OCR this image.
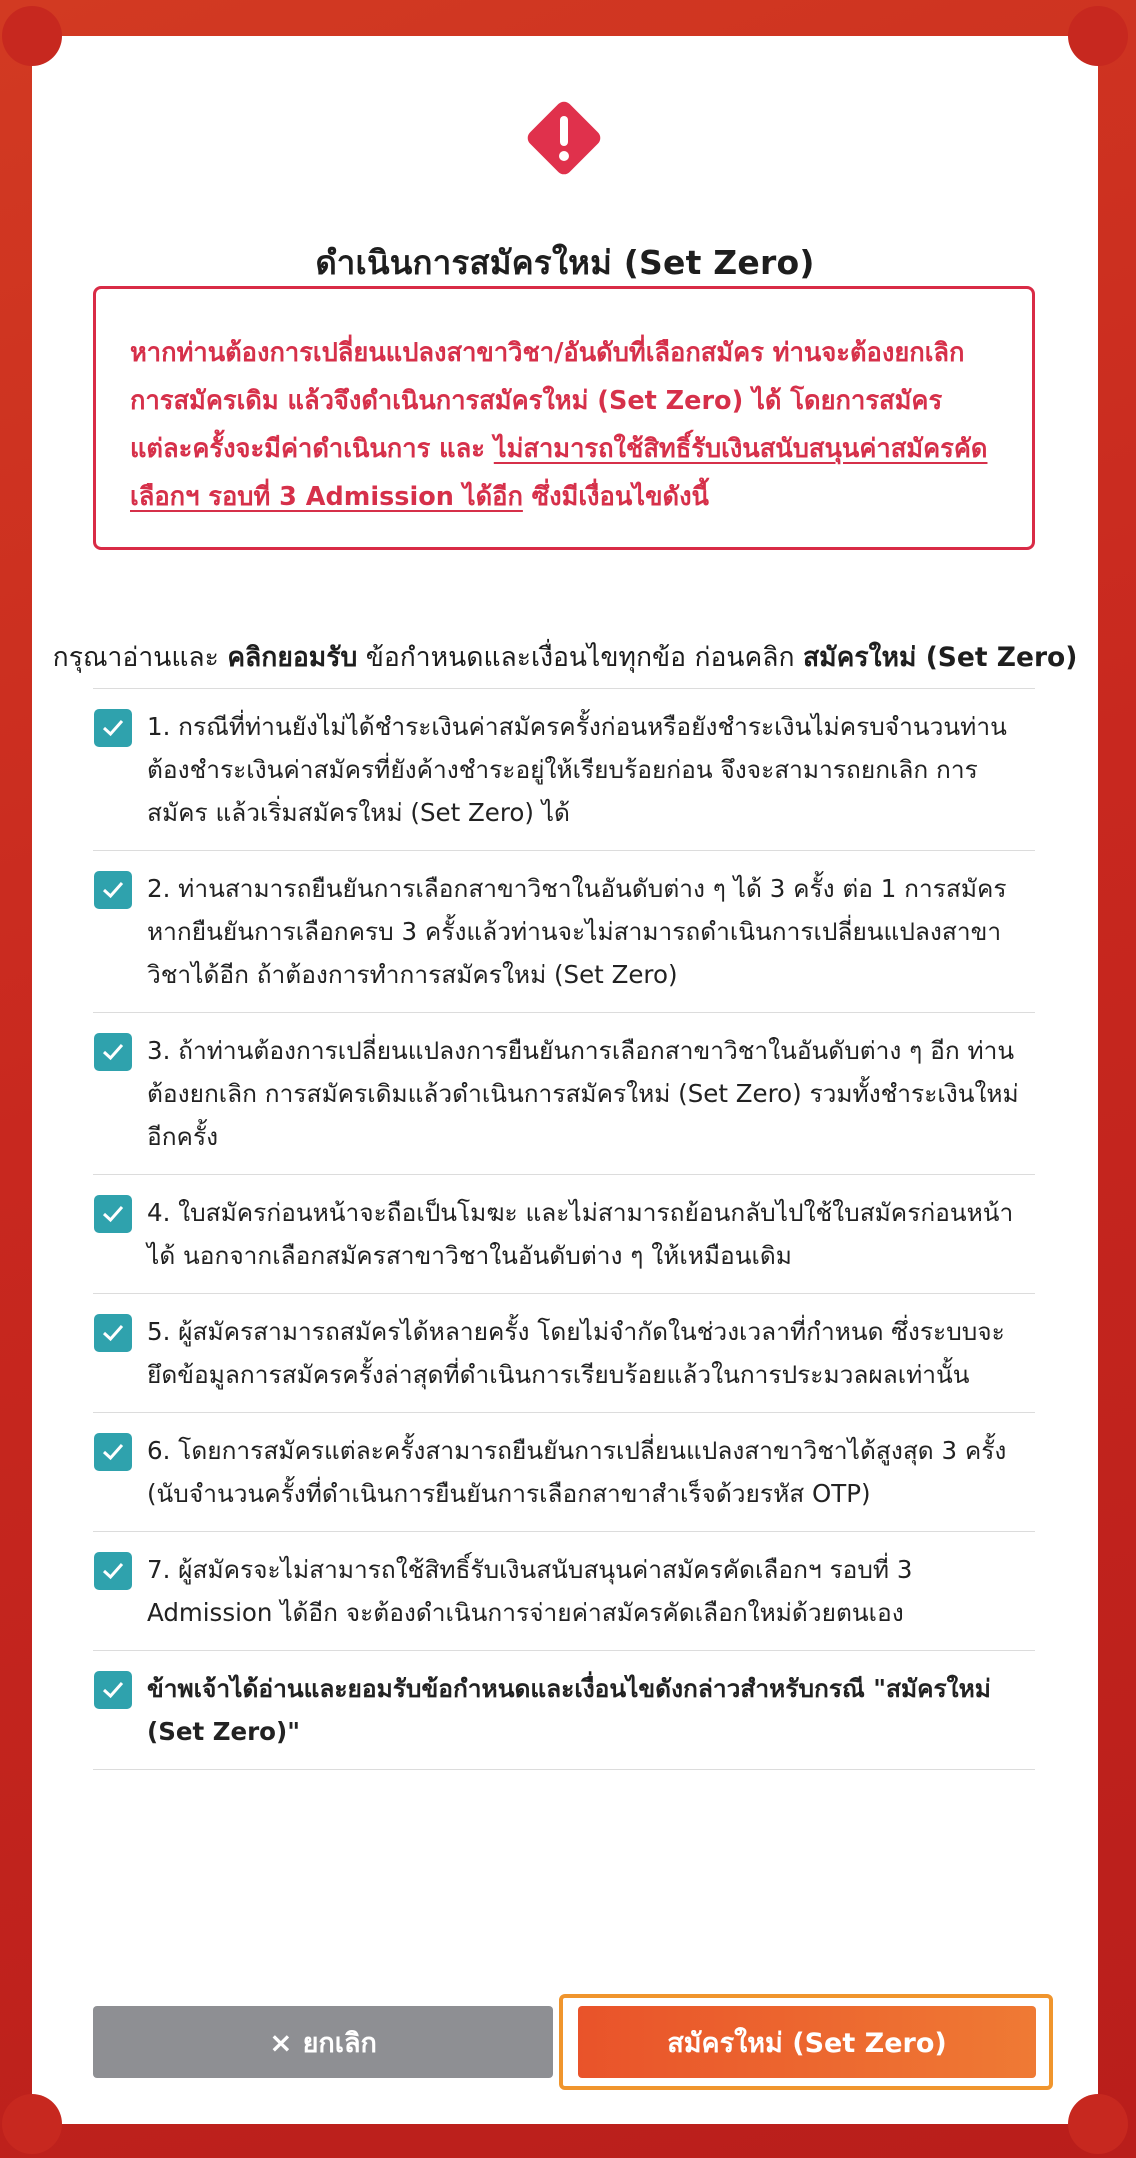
ดำเนินการสมัครใหม่ (Set Zero)
หากท่านต้องการเปลี่ยนแปลงสาขาวิชา/อันดับที่เลือกสมัคร ท่านจะต้องยกเลิกการสมัครเดิม แล้วจึงดำเนินการสมัครใหม่ (Set Zero) ได้ โดยการสมัครแต่ละครั้งจะมีค่าดำเนินการ และ ไม่สามารถใช้สิทธิ์รับเงินสนับสนุนค่าสมัครคัดเลือกฯ รอบที่ 3 Admission ได้อีก ซึ่งมีเงื่อนไขดังนี้
กรุณาอ่านและ คลิกยอมรับ ข้อกำหนดและเงื่อนไขทุกข้อ ก่อนคลิก สมัครใหม่ (Set Zero)
1. กรณีที่ท่านยังไม่ได้ชำระเงินค่าสมัครครั้งก่อนหรือยังชำระเงินไม่ครบจำนวนท่านต้องชำระเงินค่าสมัครที่ยังค้างชำระอยู่ให้เรียบร้อยก่อน จึงจะสามารถยกเลิก การสมัคร แล้วเริ่มสมัครใหม่ (Set Zero) ได้
2. ท่านสามารถยืนยันการเลือกสาขาวิชาในอันดับต่าง ๆ ได้ 3 ครั้ง ต่อ 1 การสมัคร หากยืนยันการเลือกครบ 3 ครั้งแล้วท่านจะไม่สามารถดำเนินการเปลี่ยนแปลงสาขาวิชาได้อีก ถ้าต้องการทำการสมัครใหม่ (Set Zero)
3. ถ้าท่านต้องการเปลี่ยนแปลงการยืนยันการเลือกสาขาวิชาในอันดับต่าง ๆ อีก ท่านต้องยกเลิก การสมัครเดิมแล้วดำเนินการสมัครใหม่ (Set Zero) รวมทั้งชำระเงินใหม่อีกครั้ง
4. ใบสมัครก่อนหน้าจะถือเป็นโมฆะ และไม่สามารถย้อนกลับไปใช้ใบสมัครก่อนหน้าได้ นอกจากเลือกสมัครสาขาวิชาในอันดับต่าง ๆ ให้เหมือนเดิม
5. ผู้สมัครสามารถสมัครได้หลายครั้ง โดยไม่จำกัดในช่วงเวลาที่กำหนด ซึ่งระบบจะยึดข้อมูลการสมัครครั้งล่าสุดที่ดำเนินการเรียบร้อยแล้วในการประมวลผลเท่านั้น
6. โดยการสมัครแต่ละครั้งสามารถยืนยันการเปลี่ยนแปลงสาขาวิชาได้สูงสุด 3 ครั้ง (นับจำนวนครั้งที่ดำเนินการยืนยันการเลือกสาขาสำเร็จด้วยรหัส OTP)
7. ผู้สมัครจะไม่สามารถใช้สิทธิ์รับเงินสนับสนุนค่าสมัครคัดเลือกฯ รอบที่ 3 Admission ได้อีก จะต้องดำเนินการจ่ายค่าสมัครคัดเลือกใหม่ด้วยตนเอง
ข้าพเจ้าได้อ่านและยอมรับข้อกำหนดและเงื่อนไขดังกล่าวสำหรับกรณี "สมัครใหม่ (Set Zero)"
× ยกเลิก	สมัครใหม่ (Set Zero)
